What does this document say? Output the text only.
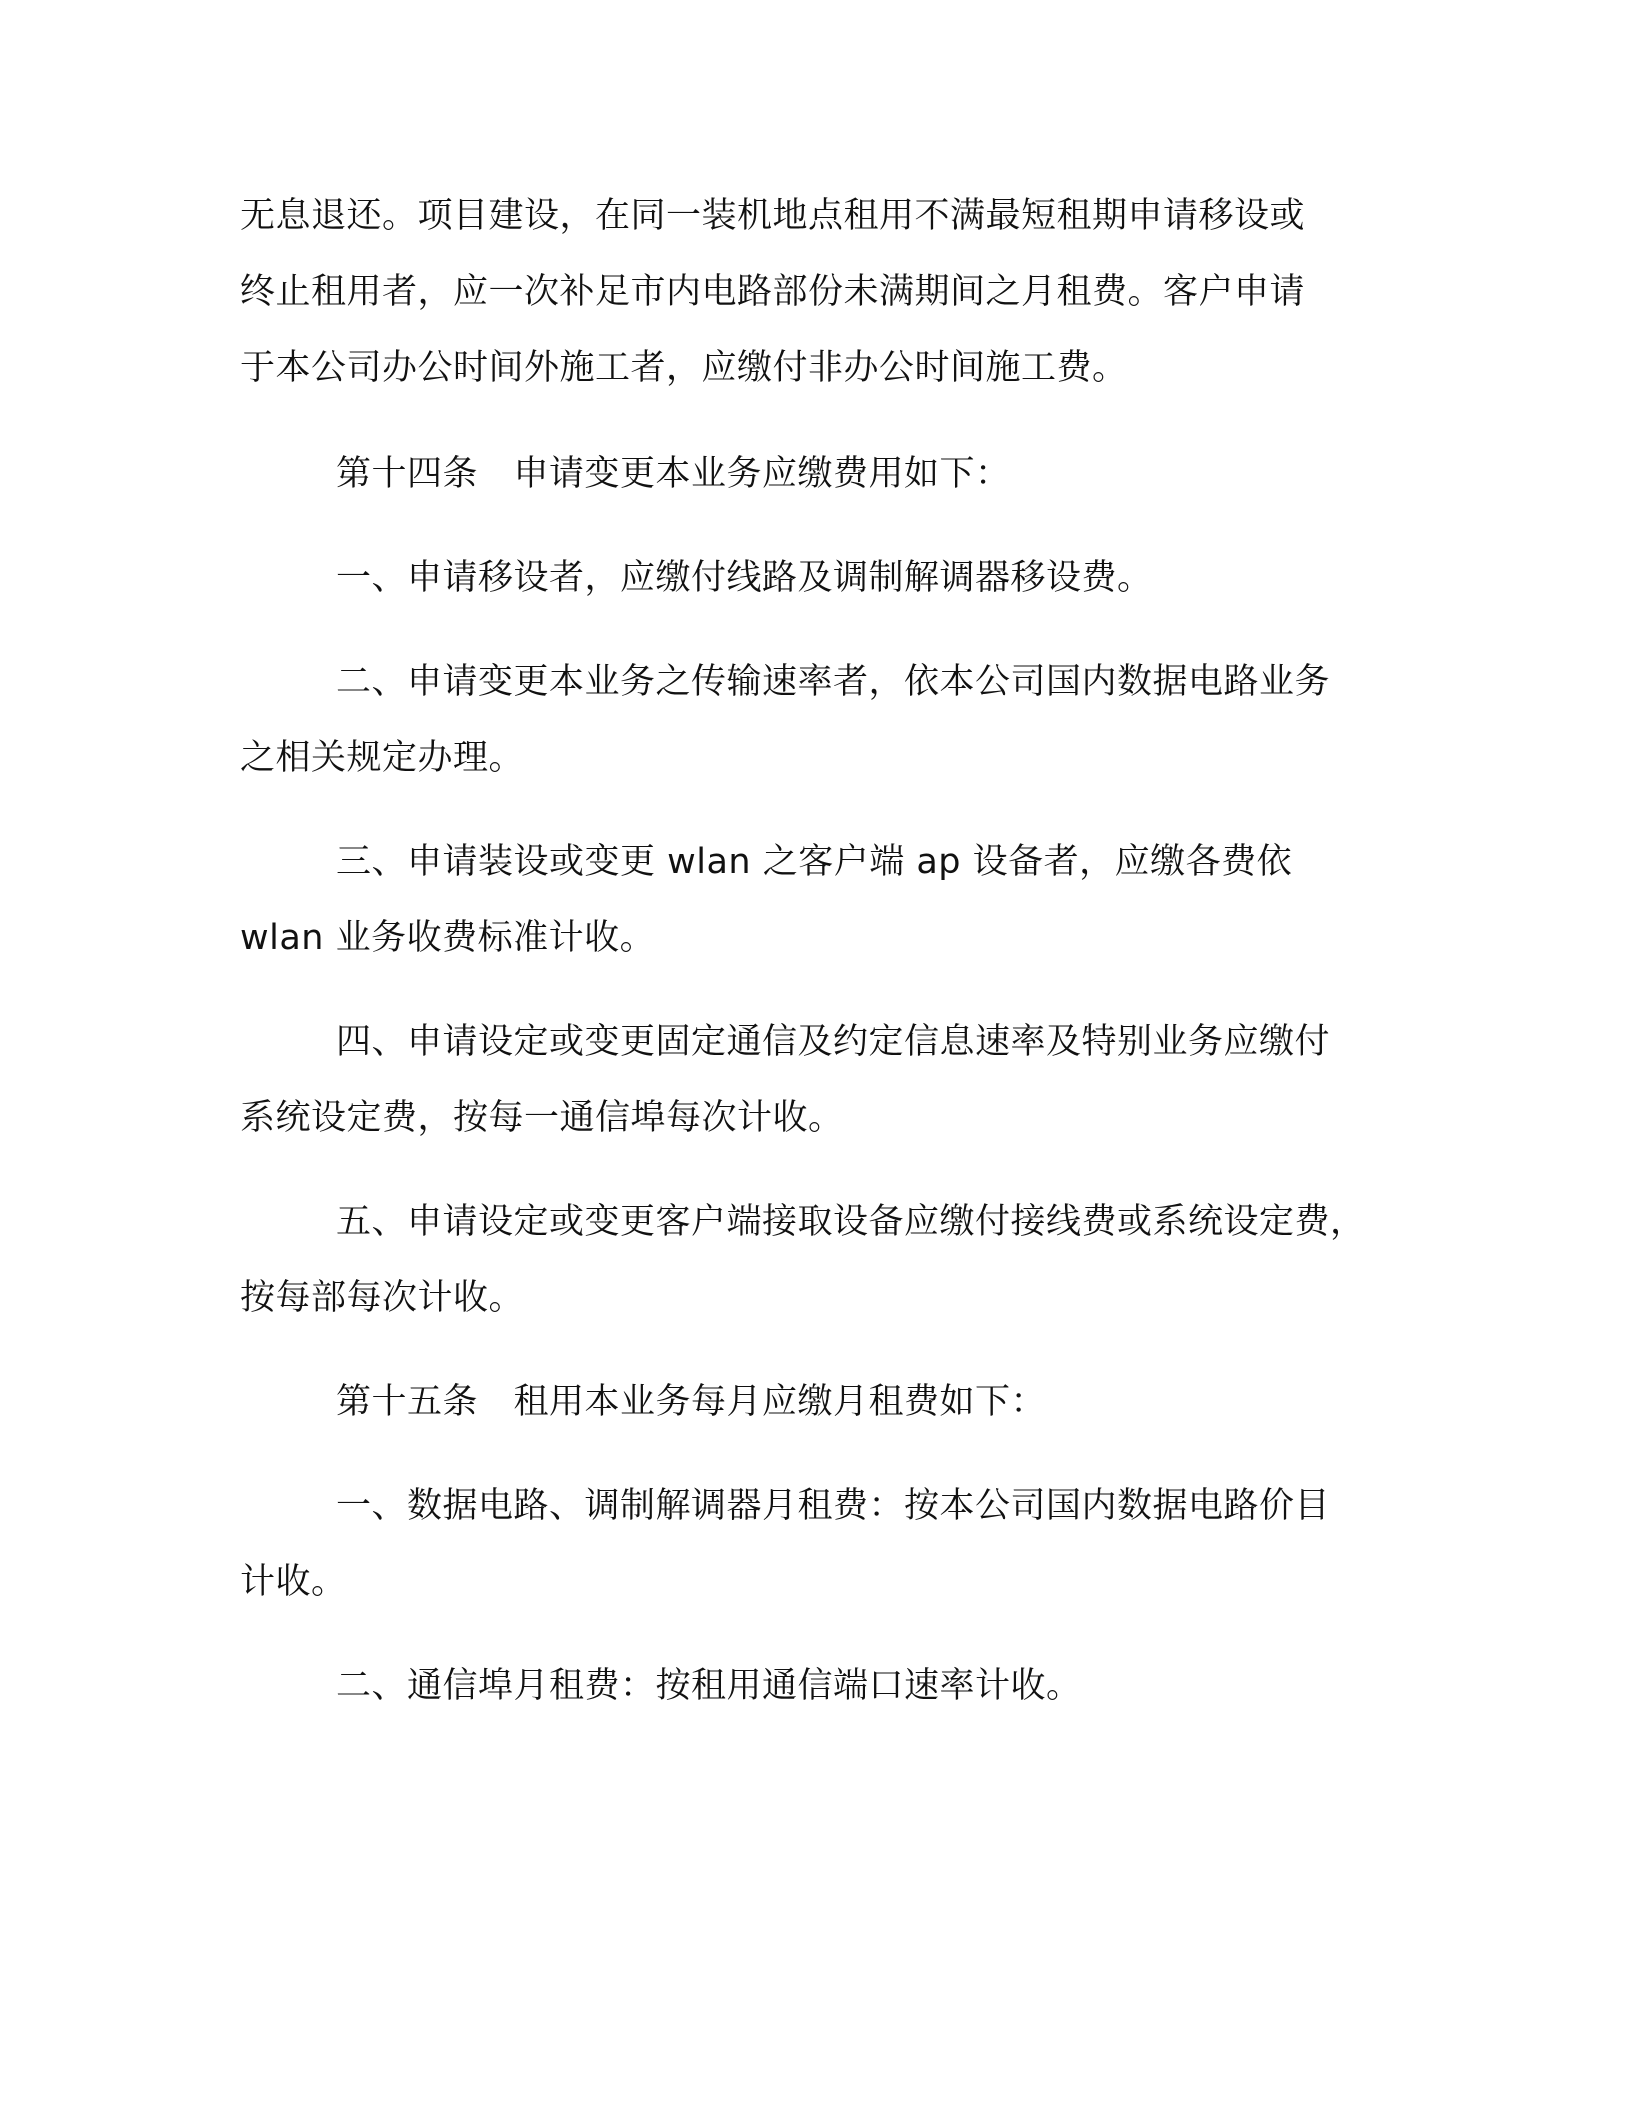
无息退还。项目建设，在同一装机地点租用不满最短租期申请移设或
终止租用者，应一次补足市内电路部份未满期间之月租费。客户申请
于本公司办公时间外施工者，应缴付非办公时间施工费。
第十四条　申请变更本业务应缴费用如下：
一、申请移设者，应缴付线路及调制解调器移设费。
二、申请变更本业务之传输速率者，依本公司国内数据电路业务
之相关规定办理。
三、申请装设或变更 wlan 之客户端 ap 设备者，应缴各费依
wlan 业务收费标准计收。
四、申请设定或变更固定通信及约定信息速率及特别业务应缴付
系统设定费，按每一通信埠每次计收。
五、申请设定或变更客户端接取设备应缴付接线费或系统设定费，
按每部每次计收。
第十五条　租用本业务每月应缴月租费如下：
一、数据电路、调制解调器月租费：按本公司国内数据电路价目
计收。
二、通信埠月租费：按租用通信端口速率计收。
